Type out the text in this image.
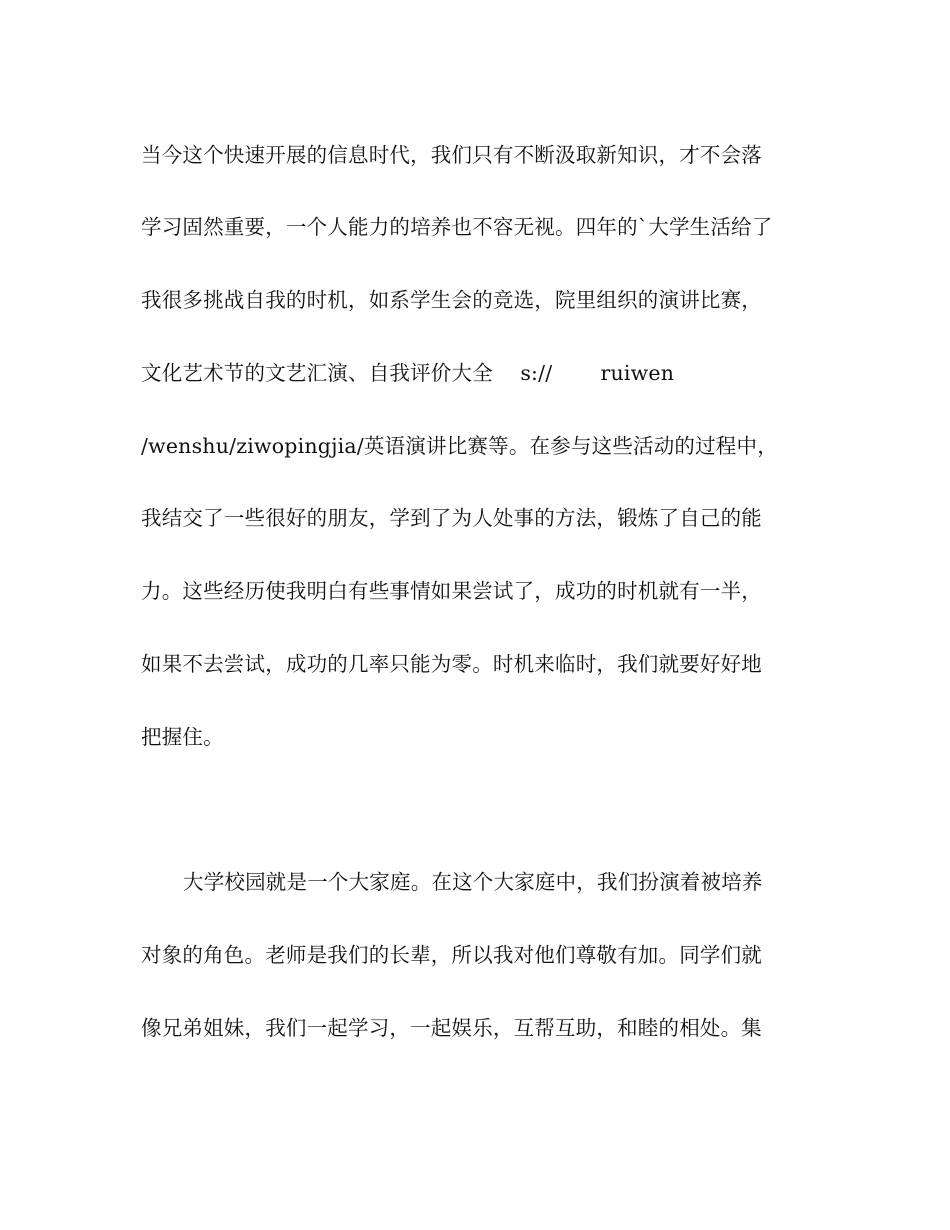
当今这个快速开展的信息时代，我们只有不断汲取新知识，才不会落
学习固然重要，一个人能力的培养也不容无视。四年的`大学生活给了
我很多挑战自我的时机，如系学生会的竞选，院里组织的演讲比赛，
文化艺术节的文艺汇演、自我评价大全　 s://　　 ruiwen
/wenshu/ziwopingjia/英语演讲比赛等。在参与这些活动的过程中，
我结交了一些很好的朋友，学到了为人处事的方法，锻炼了自己的能
力。这些经历使我明白有些事情如果尝试了，成功的时机就有一半，
如果不去尝试，成功的几率只能为零。时机来临时，我们就要好好地
把握住。
大学校园就是一个大家庭。在这个大家庭中，我们扮演着被培养
对象的角色。老师是我们的长辈，所以我对他们尊敬有加。同学们就
像兄弟姐妹，我们一起学习，一起娱乐，互帮互助，和睦的相处。集
